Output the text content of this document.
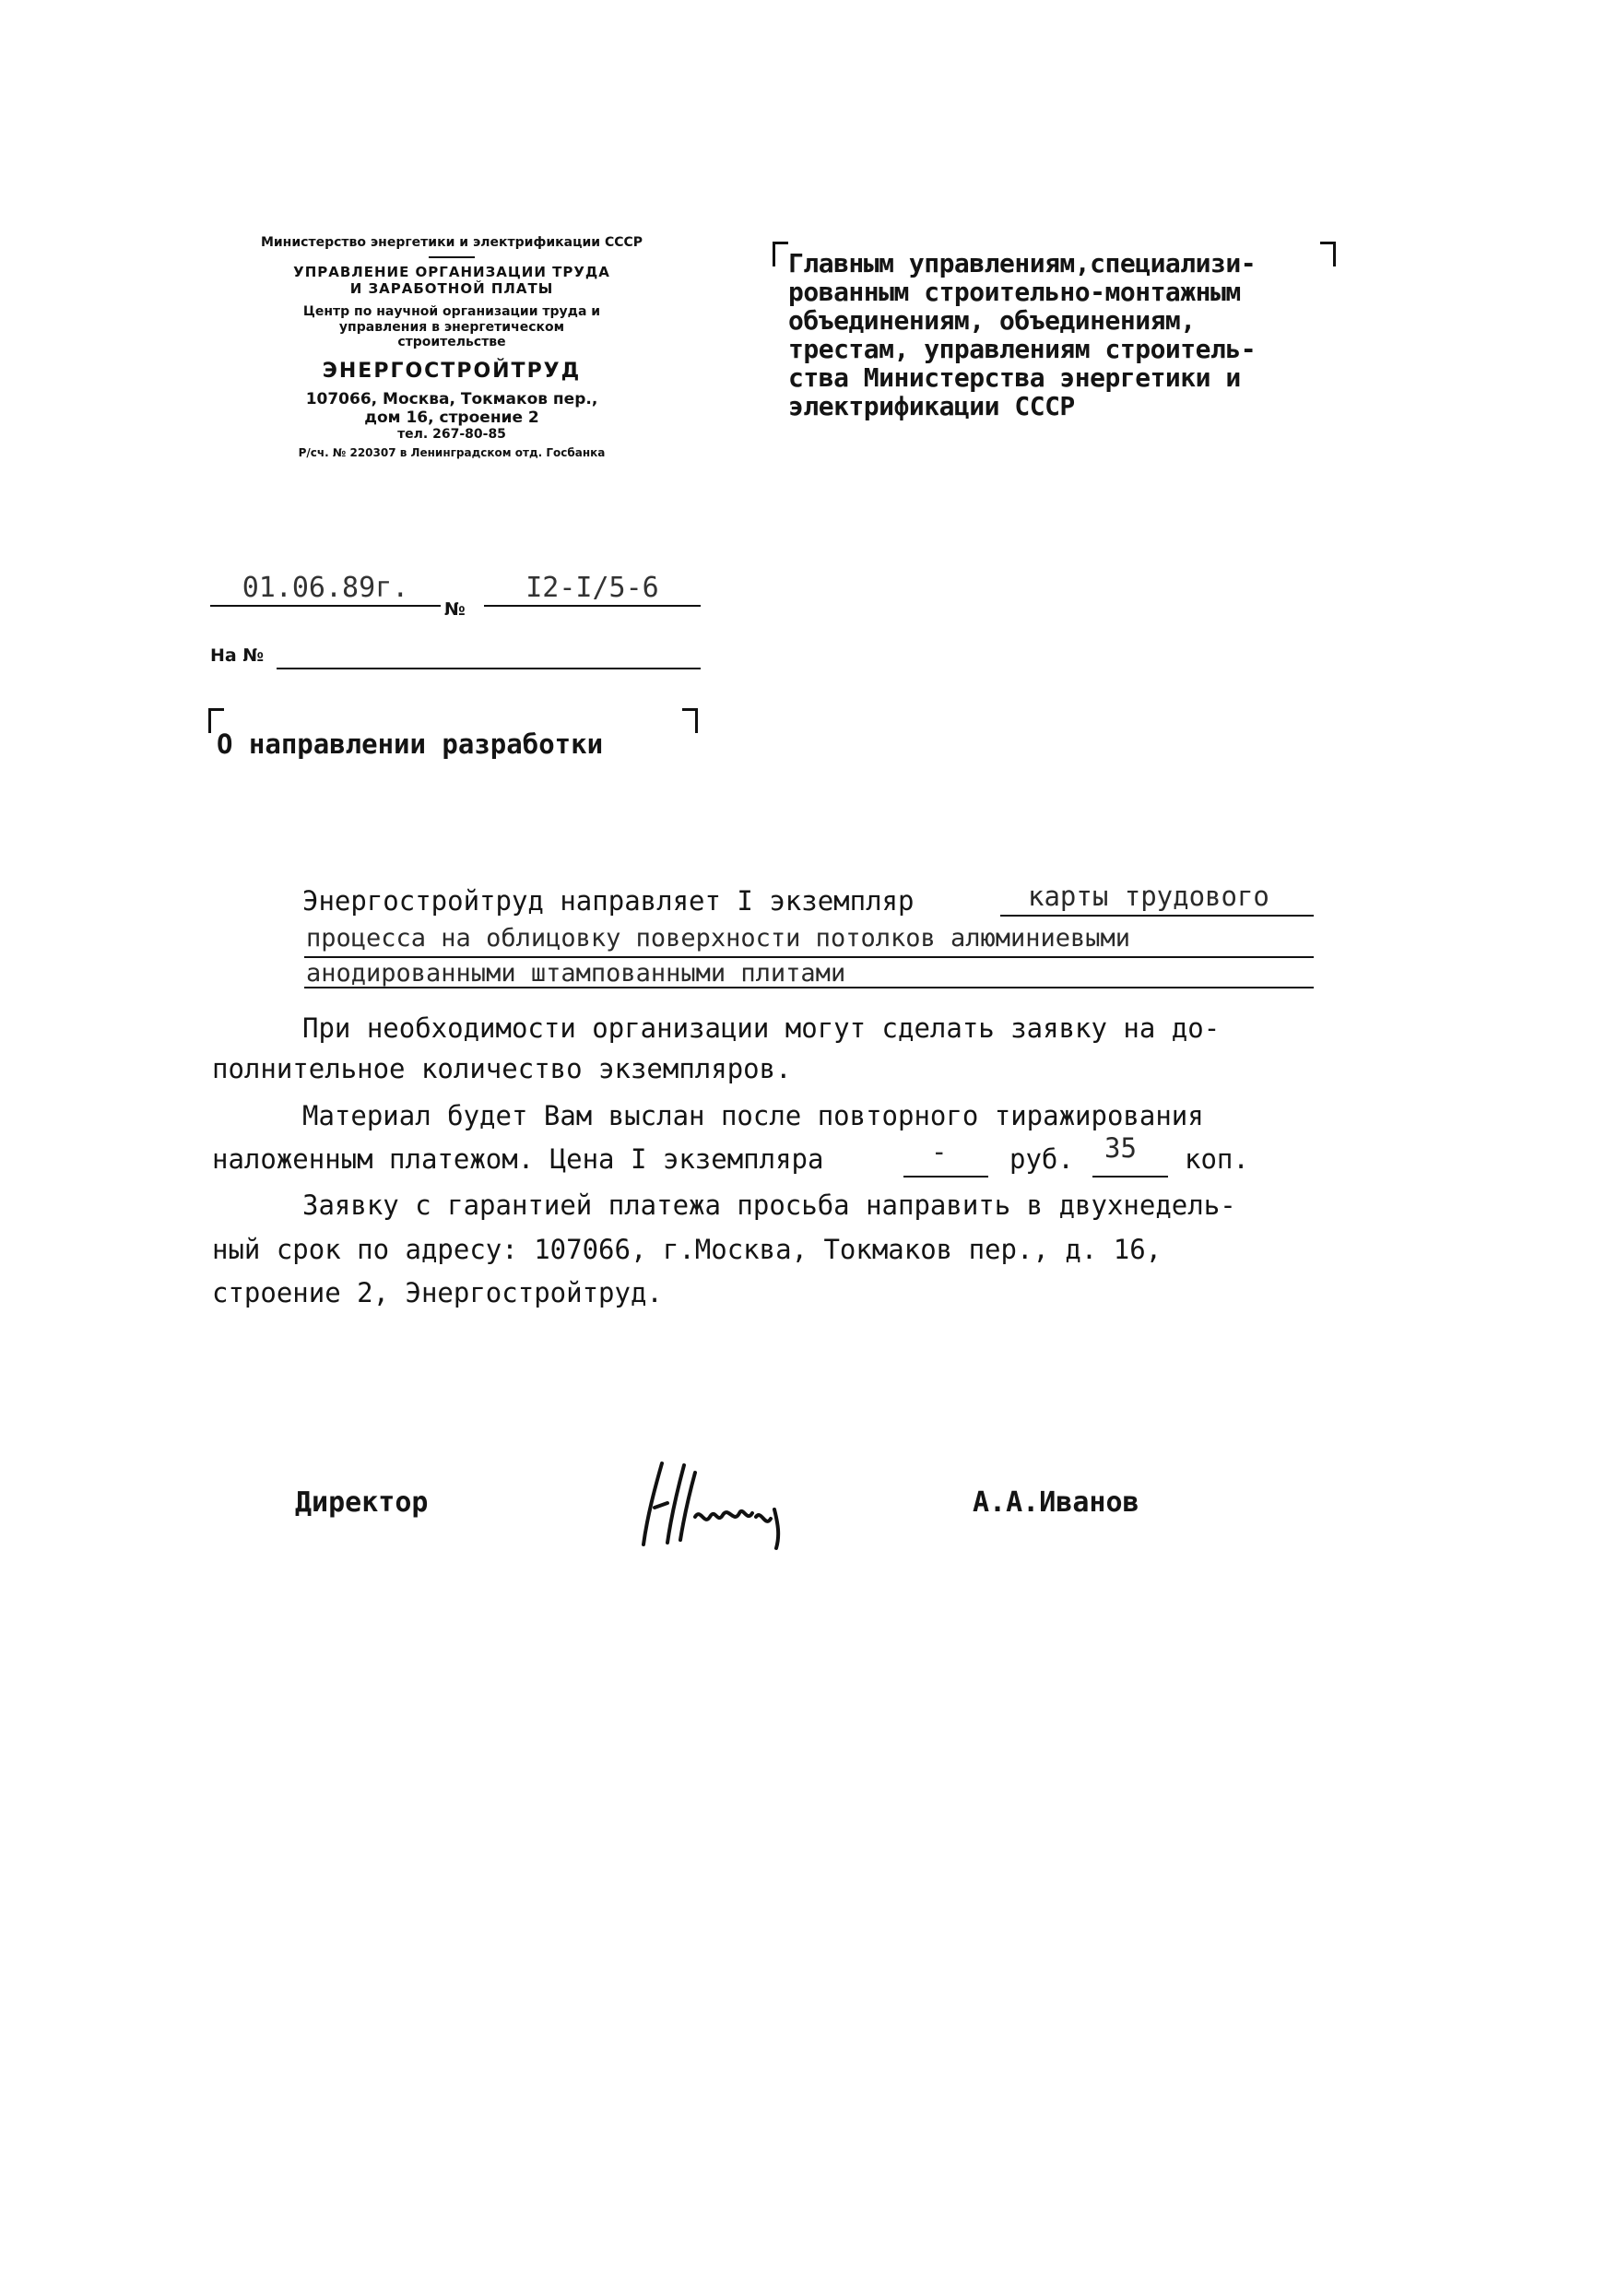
Министерство энергетики и электрификации СССР
УПРАВЛЕНИЕ ОРГАНИЗАЦИИ ТРУДА
И ЗАРАБОТНОЙ ПЛАТЫ
Центр по научной организации труда и
управления в энергетическом
строительстве
ЭНЕРГОСТРОЙТРУД
107066, Москва, Токмаков пер.,
дом 16, строение 2
тел. 267-80-85
Р/сч. № 220307 в Ленинградском отд. Госбанка
01.06.89г.
№
I2-I/5-6
На №
О направлении разработки
Главным управлениям,специализи-
рованным строительно-монтажным
объединениям, объединениям,
трестам, управлениям строитель-
ства Министерства энергетики и
электрификации СССР
Энергостройтруд направляет I экземпляр	карты трудового
процесса на облицовку поверхности потолков алюминиевыми
анодированными штампованными плитами
При необходимости организации могут сделать заявку на до-
полнительное количество экземпляров.
Материал будет Вам выслан после повторного тиражирования
наложенным платежом. Цена I экземпляра	- руб. 35 коп.
Заявку с гарантией платежа просьба направить в двухнедель-
ный срок по адресу: 107066, г.Москва, Токмаков пер., д. 16,
строение 2, Энергостройтруд.
Директор	А.А.Иванов
